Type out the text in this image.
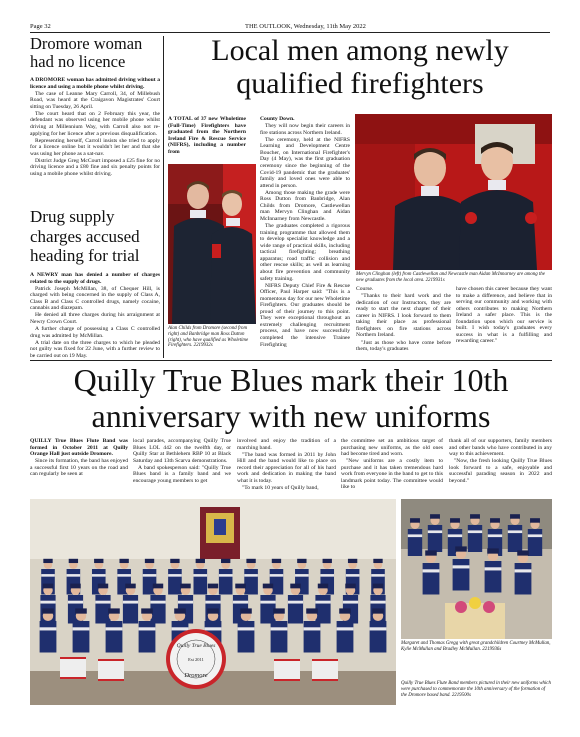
Page 32	THE OUTLOOK, Wednesday, 11th May 2022
Dromore woman had no licence

A DROMORE woman has admitted driving without a licence and using a mobile phone whilst driving.

The case of Leanne Mary Carroll, 34, of Millebush Road, was heard at the Craigavon Magistrates' Court sitting on Tuesday, 26 April.

The court heard that on 2 February this year, the defendant was observed using her mobile phone whilst driving at Millennium Way, with Carroll also not re-applying for her licence after a previous disqualification.

Representing herself, Carroll insists she tried to apply for a licence online but it wouldn't let her and that she was using her phone as a sat-nav.

District Judge Greg McCourt imposed a £25 fine for no driving licence and a £80 fine and six penalty points for using a mobile phone whilst driving.

Drug supply charges accused heading for trial

A NEWRY man has denied a number of charges related to the supply of drugs.

Patrick Joseph McMillan, 38, of Chequer Hill, is charged with being concerned in the supply of Class A, Class B and Class C controlled drugs, namely cocaine, cannabis and diazepam.

He denied all three charges during his arraignment at Newry Crown Court.

A further charge of possessing a Class C controlled drug was admitted by McMillan.

A trial date on the three charges to which he pleaded not guilty was fixed for 22 June, with a further review to be carried out on 19 May.

Local men among newly
qualified firefighters

A TOTAL of 37 new Wholetime (Full-Time) Firefighters have graduated from the Northern Ireland Fire & Rescue Service (NIFRS), including a number from

Alan Childs from Dromore (second from right) and Banbridge man Ross Dutton (right), who have qualified as Wholetime Firefighters. 2219932s

County Down.

They will now begin their careers in fire stations across Northern Ireland.

The ceremony, held at the NIFRS Learning and Development Centre Boucher, on International Firefighter's Day (4 May), was the first graduation ceremony since the beginning of the Covid-19 pandemic that the graduates' family and loved ones were able to attend in person.

Among those making the grade were Ross Dutton from Banbridge, Alan Childs from Dromore, Castlewellan man Mervyn Clinghan and Aidan McInnarney from Newcastle.

The graduates completed a rigorous training programme that allowed them to develop specialist knowledge and a wide range of practical skills, including tactical firefighting; breathing apparatus; road traffic collision and other rescue skills; as well as learning about fire prevention and community safety training.

NIFRS Deputy Chief Fire & Rescue Officer, Paul Harper said: "This is a momentous day for our new Wholetime Firefighters. Our graduates should be proud of their journey to this point. They were exceptional throughout an extremely challenging recruitment process, and have now successfully completed the intensive Trainee Firefighting

Mervyn Clinghan (left) from Castlewellan and Newcastle man Aidan McInnarney are among the new graduates from the local area. 2219931s

Course.

"Thanks to their hard work and the dedication of our Instructors, they are ready to start the next chapter of their career in NIFRS. I look forward to them taking their place as professional firefighters on fire stations across Northern Ireland.

"Just as those who have come before them, today's graduates

have chosen this career because they want to make a difference, and believe that in serving our community and working with others contributes to making Northern Ireland a safer place. This is the foundation upon which our service is built. I wish today's graduates every success in what is a fulfilling and rewarding career."

Quilly True Blues mark their 10th
anniversary with new uniforms

QUILLY True Blues Flute Band was formed in October 2011 at Quilly Orange Hall just outside Dromore.

Since its formation, the band has enjoyed a successful first 10 years on the road and can regularly be seen at

local parades, accompanying Quilly True Blues LOL 442 on the twelfth day, or Quilly Star at Bethlehem RBP 10 at Black Saturday and 13th Scarva demonstrations.

A band spokesperson said: "Quilly True Blues band is a family band and we encourage young members to get

involved and enjoy the tradition of a marching band.

"The band was formed in 2011 by John Hill and the band would like to place on record their appreciation for all of his hard work and dedication in making the band what it is today.

"To mark 10 years of Quilly band,

the committee set an ambitious target of purchasing new uniforms, as the old ones had become tired and worn.

"New uniforms are a costly item to purchase and it has taken tremendous hard work from everyone in the band to get to this landmark point today. The committee would like to

thank all of our supporters, family members and other bands who have contributed in any way to this achievement.

"Now, the fresh looking Quilly True Blues look forward to a safe, enjoyable and successful parading season in 2022 and beyond."

Quilly True Blues
Est 2011
Dromore
Margaret and Thomas Gregg with great grandchildren Courtney McMullan, Kylie McMullan and Bradley McMullan. 2219936s
Quilly True Blues Flute Band members pictured in their new uniforms which were purchased to commemorate the 10th anniversary of the formation of the Dromore based band. 2219500s
